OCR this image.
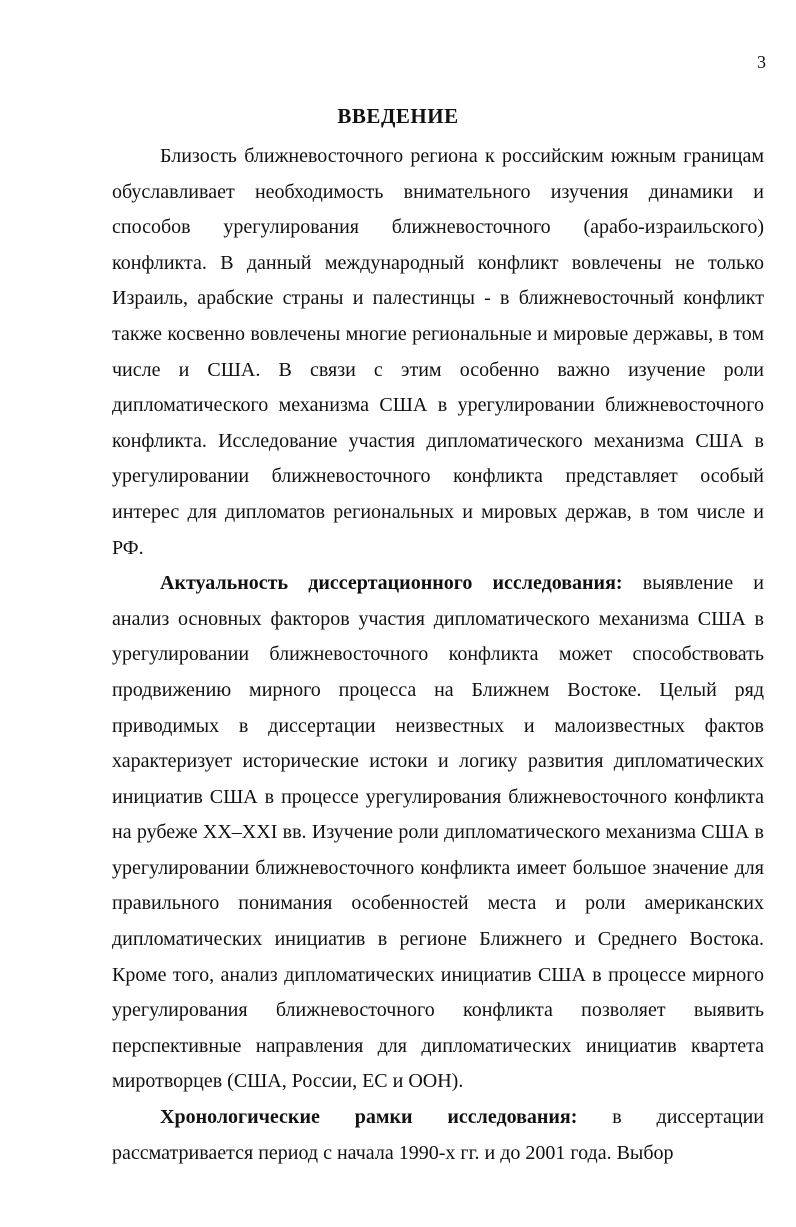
3
ВВЕДЕНИЕ

Близость ближневосточного региона к российским южным границам обуславливает необходимость внимательного изучения динамики и способов урегулирования ближневосточного (арабо-израильского) конфликта. В данный международный конфликт вовлечены не только Израиль, арабские страны и палестинцы - в ближневосточный конфликт также косвенно вовлечены многие региональные и мировые державы, в том числе и США. В связи с этим особенно важно изучение роли дипломатического механизма США в урегулировании ближневосточного конфликта. Исследование участия дипломатического механизма США в урегулировании ближневосточного конфликта представляет особый интерес для дипломатов региональных и мировых держав, в том числе и РФ.

Актуальность диссертационного исследования: выявление и анализ основных факторов участия дипломатического механизма США в урегулировании ближневосточного конфликта может способствовать продвижению мирного процесса на Ближнем Востоке. Целый ряд приводимых в диссертации неизвестных и малоизвестных фактов характеризует исторические истоки и логику развития дипломатических инициатив США в процессе урегулирования ближневосточного конфликта на рубеже XX–XXI вв. Изучение роли дипломатического механизма США в урегулировании ближневосточного конфликта имеет большое значение для правильного понимания особенностей места и роли американских дипломатических инициатив в регионе Ближнего и Среднего Востока. Кроме того, анализ дипломатических инициатив США в процессе мирного урегулирования ближневосточного конфликта позволяет выявить перспективные направления для дипломатических инициатив квартета миротворцев (США, России, ЕС и ООН).

Хронологические рамки исследования: в диссертации рассматривается период с начала 1990-х гг. и до 2001 года. Выбор
